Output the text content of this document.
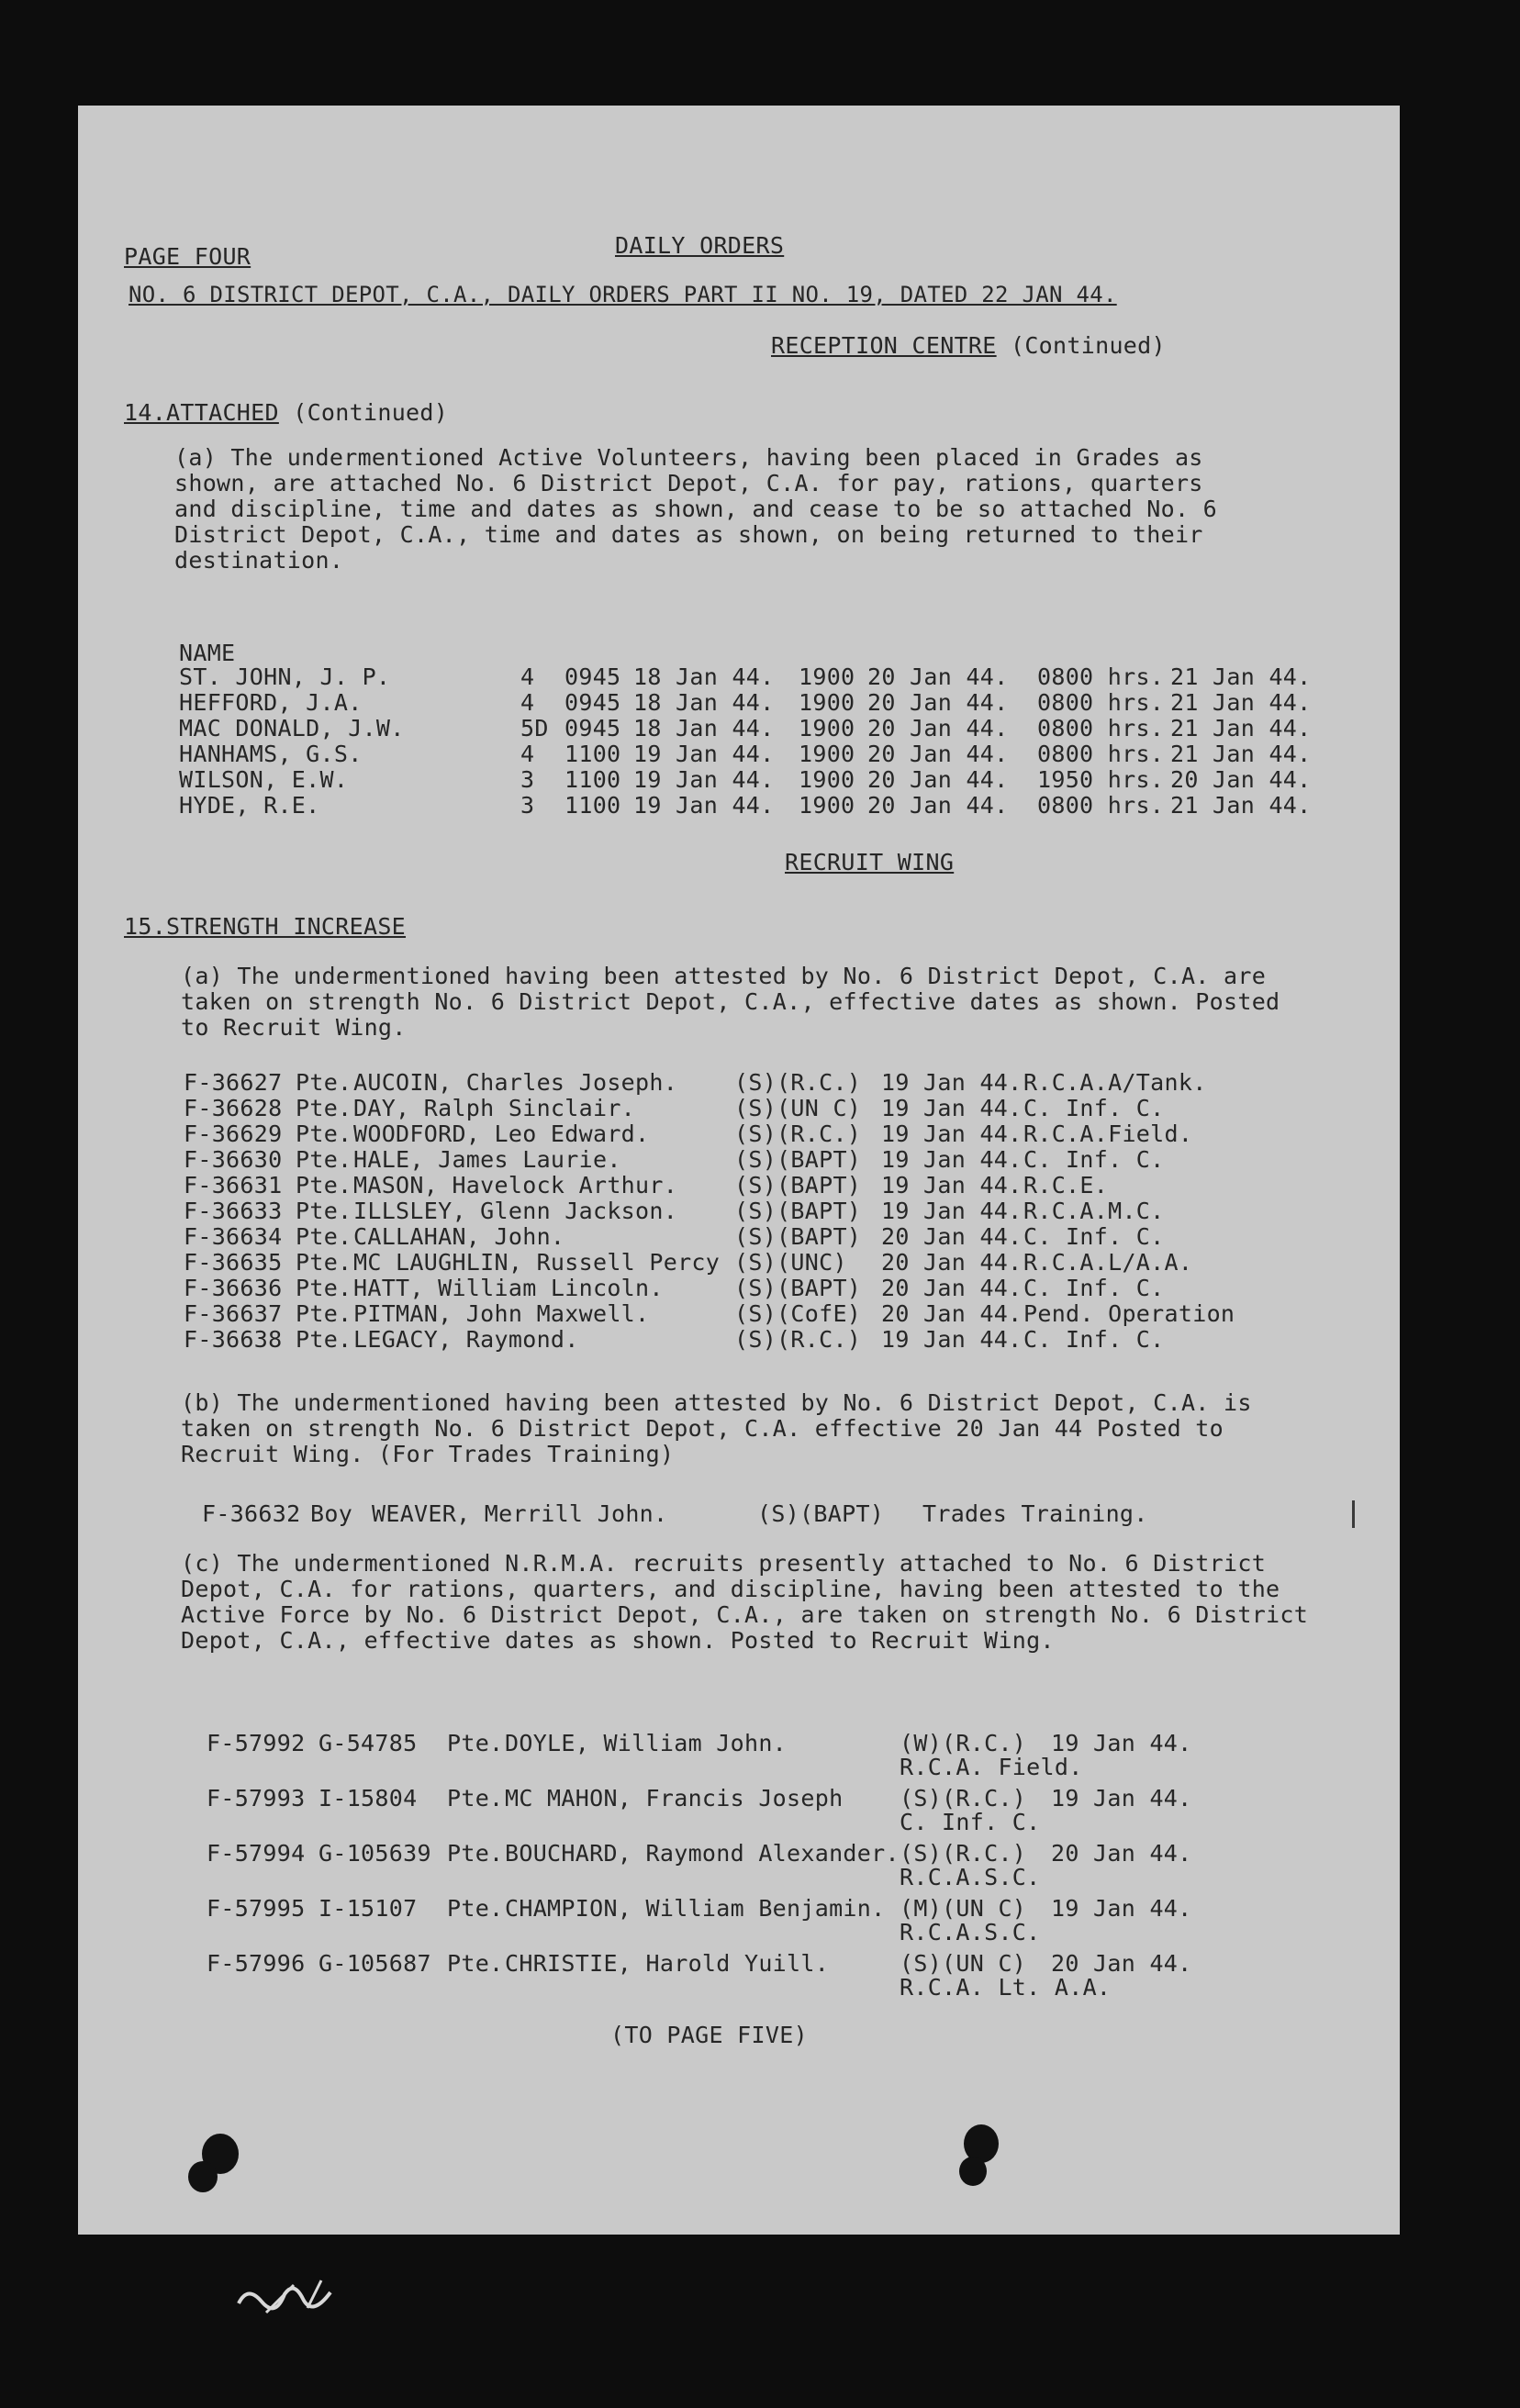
PAGE FOUR	DAILY ORDERS
NO. 6 DISTRICT DEPOT, C.A., DAILY ORDERS PART II NO. 19, DATED 22 JAN 44.
RECEPTION CENTRE (Continued)
14.ATTACHED (Continued)
(a) The undermentioned Active Volunteers, having been placed in Grades as shown, are attached No. 6 District Depot, C.A. for pay, rations, quarters and discipline, time and dates as shown, and cease to be so attached No. 6 District Depot, C.A., time and dates as shown, on being returned to their destination.
NAME
ST. JOHN, J. P.	4 0945 18 Jan 44. 1900 20 Jan 44. 0800 hrs. 21 Jan 44.
HEFFORD, J.A.	4 0945 18 Jan 44. 1900 20 Jan 44. 0800 hrs. 21 Jan 44.
MAC DONALD, J.W.	5D 0945 18 Jan 44. 1900 20 Jan 44. 0800 hrs. 21 Jan 44.
HANHAMS, G.S.	4 1100 19 Jan 44. 1900 20 Jan 44. 0800 hrs. 21 Jan 44.
WILSON, E.W.	3 1100 19 Jan 44. 1900 20 Jan 44. 1950 hrs. 20 Jan 44.
HYDE, R.E.	3 1100 19 Jan 44. 1900 20 Jan 44. 0800 hrs. 21 Jan 44.
RECRUIT WING
15.STRENGTH INCREASE
(a) The undermentioned having been attested by No. 6 District Depot, C.A. are taken on strength No. 6 District Depot, C.A., effective dates as shown. Posted to Recruit Wing.
F-36627 Pte. AUCOIN, Charles Joseph. (S)(R.C.) 19 Jan 44. R.C.A.A/Tank.
F-36628 Pte. DAY, Ralph Sinclair.	(S)(UN C) 19 Jan 44. C. Inf. C.
F-36629 Pte. WOODFORD, Leo Edward.	(S)(R.C.) 19 Jan 44. R.C.A.Field.
F-36630 Pte. HALE, James Laurie.	(S)(BAPT) 19 Jan 44. C. Inf. C.
F-36631 Pte. MASON, Havelock Arthur. (S)(BAPT) 19 Jan 44. R.C.E.
F-36633 Pte. ILLSLEY, Glenn Jackson. (S)(BAPT) 19 Jan 44. R.C.A.M.C.
F-36634 Pte. CALLAHAN, John.	(S)(BAPT) 20 Jan 44. C. Inf. C.
F-36635 Pte. MC LAUGHLIN, Russell Percy (S)(UNC) 20 Jan 44. R.C.A.L/A.A.
F-36636 Pte. HATT, William Lincoln.	(S)(BAPT) 20 Jan 44. C. Inf. C.
F-36637 Pte. PITMAN, John Maxwell.	(S)(CofE) 20 Jan 44. Pend. Operation
F-36638 Pte. LEGACY, Raymond.	(S)(R.C.) 19 Jan 44. C. Inf. C.
(b) The undermentioned having been attested by No. 6 District Depot, C.A. is taken on strength No. 6 District Depot, C.A. effective 20 Jan 44 Posted to Recruit Wing. (For Trades Training)
F-36632 Boy WEAVER, Merrill John.	(S)(BAPT) Trades Training.
(c) The undermentioned N.R.M.A. recruits presently attached to No. 6 District Depot, C.A. for rations, quarters, and discipline, having been attested to the Active Force by No. 6 District Depot, C.A., are taken on strength No. 6 District Depot, C.A., effective dates as shown. Posted to Recruit Wing.
F-57992 G-54785 Pte. DOYLE, William John.	(W)(R.C.) 19 Jan 44.
R.C.A. Field.
F-57993 I-15804 Pte. MC MAHON, Francis Joseph (S)(R.C.) 19 Jan 44.
C. Inf. C.
F-57994 G-105639 Pte. BOUCHARD, Raymond Alexander. (S)(R.C.) 20 Jan 44.
R.C.A.S.C.
F-57995 I-15107 Pte. CHAMPION, William Benjamin. (M)(UN C) 19 Jan 44.
R.C.A.S.C.
F-57996 G-105687 Pte. CHRISTIE, Harold Yuill.	(S)(UN C) 20 Jan 44.
R.C.A. Lt. A.A.
(TO PAGE FIVE)
